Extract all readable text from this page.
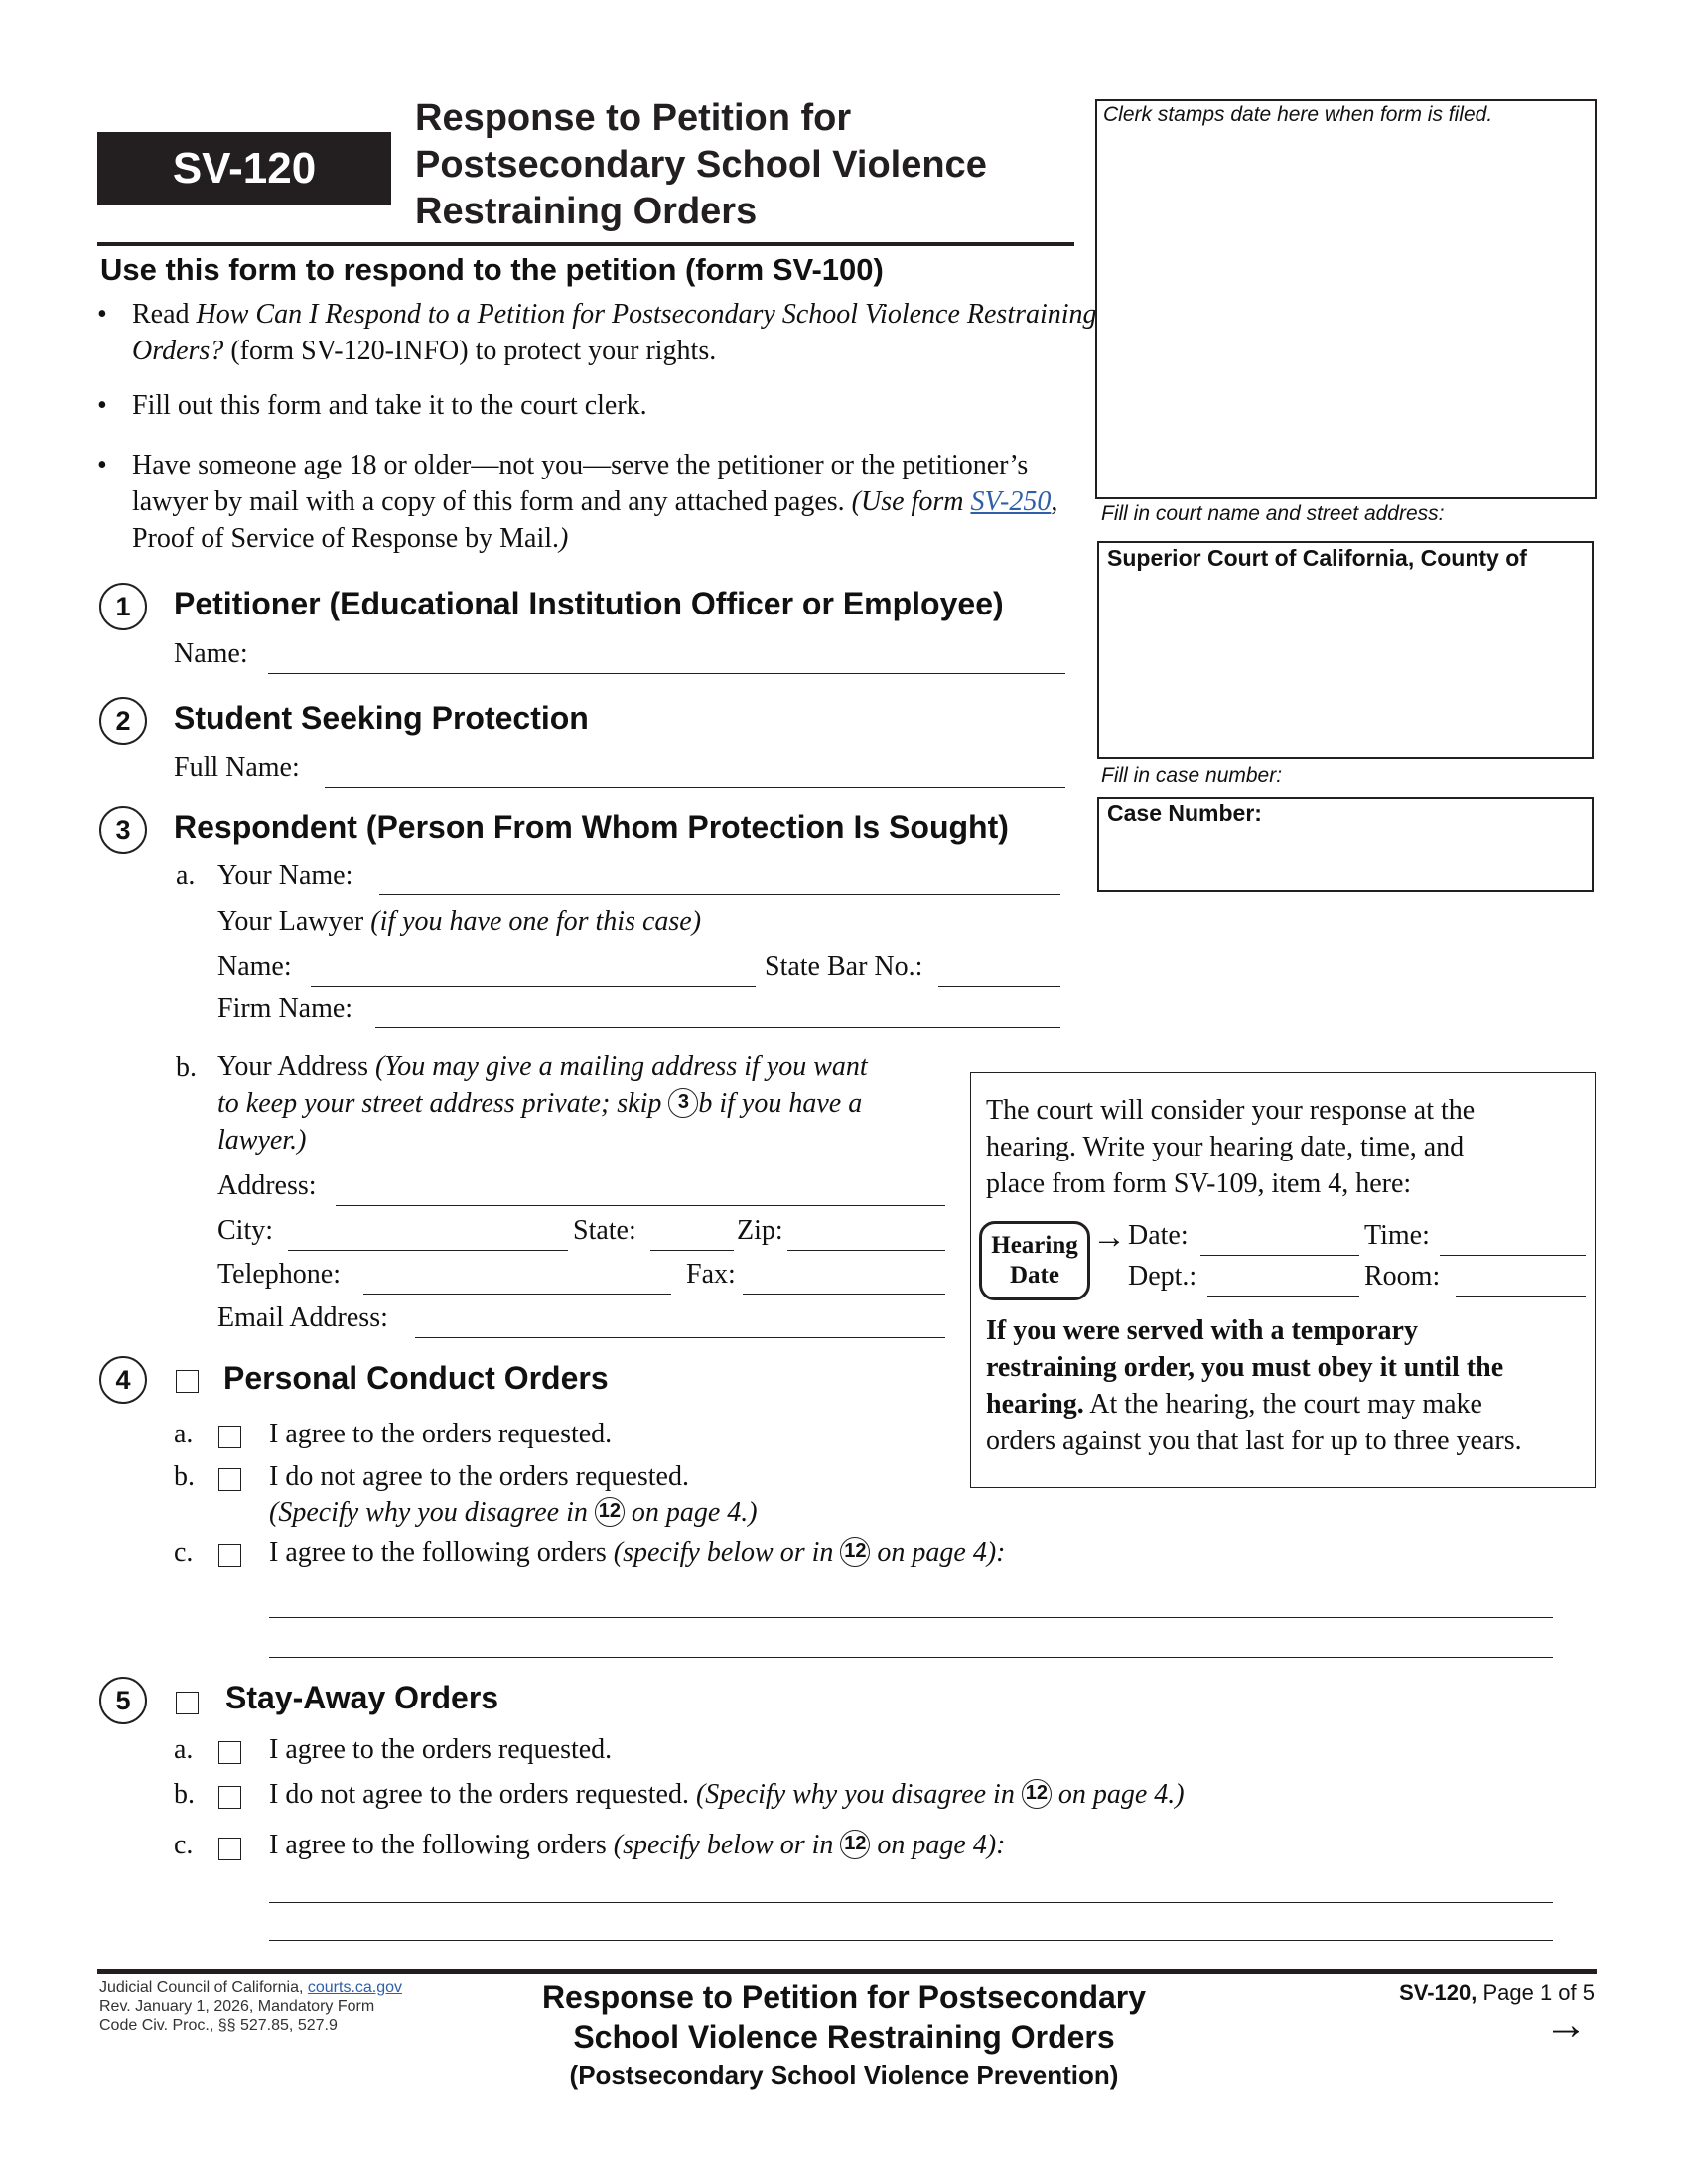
SV-120
Response to Petition for
Postsecondary School Violence
Restraining Orders
Use this form to respond to the petition (form SV-100)
• Read How Can I Respond to a Petition for Postsecondary School Violence Restraining Orders? (form SV-120-INFO) to protect your rights.
• Fill out this form and take it to the court clerk.
• Have someone age 18 or older—not you—serve the petitioner or the petitioner’s lawyer by mail with a copy of this form and any attached pages. (Use form SV-250, Proof of Service of Response by Mail.)
Clerk stamps date here when form is filed.
Fill in court name and street address:
Superior Court of California, County of
Fill in case number:
Case Number:
1	Petitioner (Educational Institution Officer or Employee)
Name:
2	Student Seeking Protection
Full Name:
3	Respondent (Person From Whom Protection Is Sought)
a. Your Name:
Your Lawyer (if you have one for this case)
Name:	State Bar No.:
Firm Name:
b. Your Address (You may give a mailing address if you want
to keep your street address private; skip 3 b if you have a
lawyer.)
Address:
City:	State:	Zip:
Telephone:	Fax:
Email Address:
The court will consider your response at the
hearing. Write your hearing date, time, and
place from form SV-109, item 4, here:
Hearing
Date
→ Date:	Time:
Dept.:	Room:
If you were served with a temporary
restraining order, you must obey it until the
hearing. At the hearing, the court may make
orders against you that last for up to three years.
4	Personal Conduct Orders
a.	I agree to the orders requested.
b.	I do not agree to the orders requested.
(Specify why you disagree in 12 on page 4.)
c.	I agree to the following orders (specify below or in 12 on page 4):
5	Stay-Away Orders
a.	I agree to the orders requested.
b.	I do not agree to the orders requested. (Specify why you disagree in 12 on page 4.)
c.	I agree to the following orders (specify below or in 12 on page 4):
Judicial Council of California, courts.ca.gov
Rev. January 1, 2026, Mandatory Form
Code Civ. Proc., §§ 527.85, 527.9
Response to Petition for Postsecondary
School Violence Restraining Orders
(Postsecondary School Violence Prevention)
SV-120, Page 1 of 5
→
